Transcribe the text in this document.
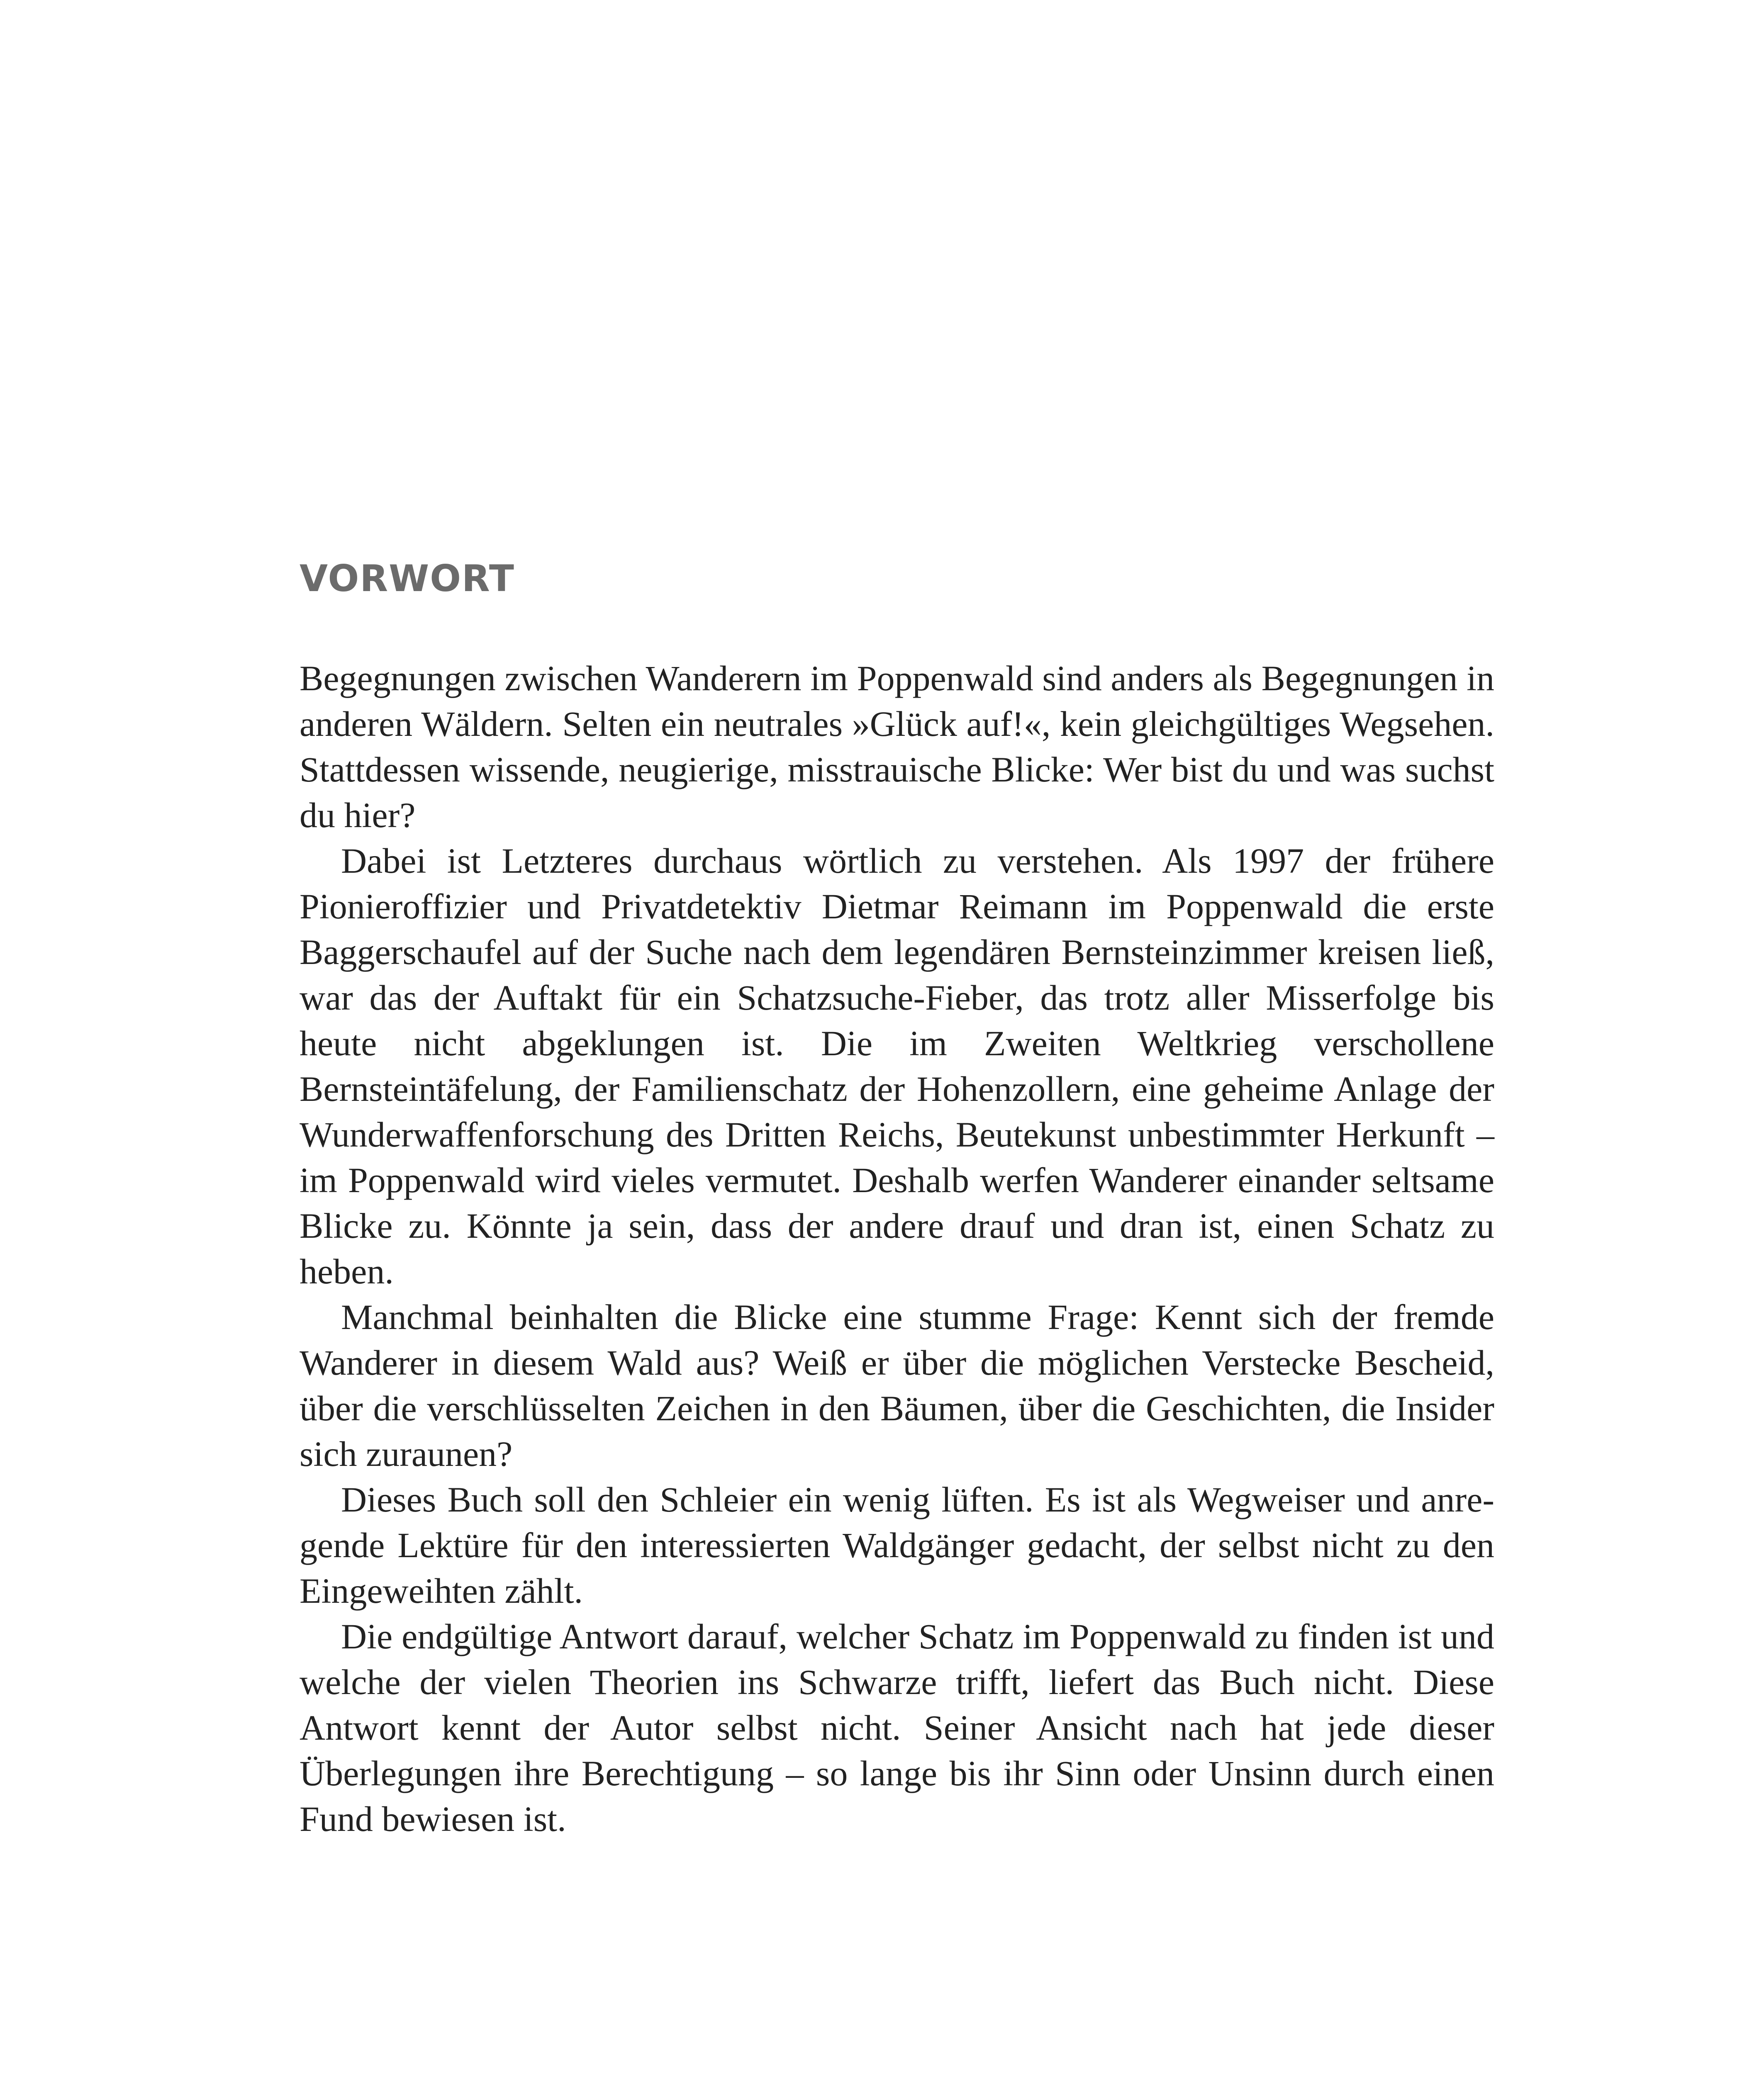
VORWORT

Begegnungen zwischen Wanderern im Poppenwald sind anders als Begegnungen in anderen Wäldern. Selten ein neutrales »Glück auf!«, kein gleichgültiges Wegsehen. Stattdessen wissende, neugierige, misstrauische Blicke: Wer bist du und was suchst du hier?

Dabei ist Letzteres durchaus wörtlich zu verstehen. Als 1997 der frühere Pionieroffizier und Privatdetektiv Dietmar Reimann im Poppenwald die erste Baggerschaufel auf der Suche nach dem legendären Bernsteinzimmer kreisen ließ, war das der Auftakt für ein Schatzsuche-Fieber, das trotz aller Misserfolge bis heute nicht abgeklungen ist. Die im Zweiten Weltkrieg verschollene Bernsteintäfelung, der Familienschatz der Hohenzollern, eine geheime Anlage der Wunderwaffenforschung des Dritten Reichs, Beutekunst unbestimmter Herkunft – im Poppenwald wird vieles vermutet. Deshalb werfen Wanderer einander seltsame Blicke zu. Könnte ja sein, dass der andere drauf und dran ist, einen Schatz zu heben.

Manchmal beinhalten die Blicke eine stumme Frage: Kennt sich der fremde Wanderer in diesem Wald aus? Weiß er über die möglichen Verstecke Bescheid, über die verschlüsselten Zeichen in den Bäumen, über die Geschichten, die Insider sich zuraunen?

Dieses Buch soll den Schleier ein wenig lüften. Es ist als Wegweiser und anregende Lektüre für den interessierten Waldgänger gedacht, der selbst nicht zu den Eingeweihten zählt.

Die endgültige Antwort darauf, welcher Schatz im Poppenwald zu finden ist und welche der vielen Theorien ins Schwarze trifft, liefert das Buch nicht. Diese Antwort kennt der Autor selbst nicht. Seiner Ansicht nach hat jede dieser Überlegungen ihre Berechtigung – so lange bis ihr Sinn oder Unsinn durch einen Fund bewiesen ist.
